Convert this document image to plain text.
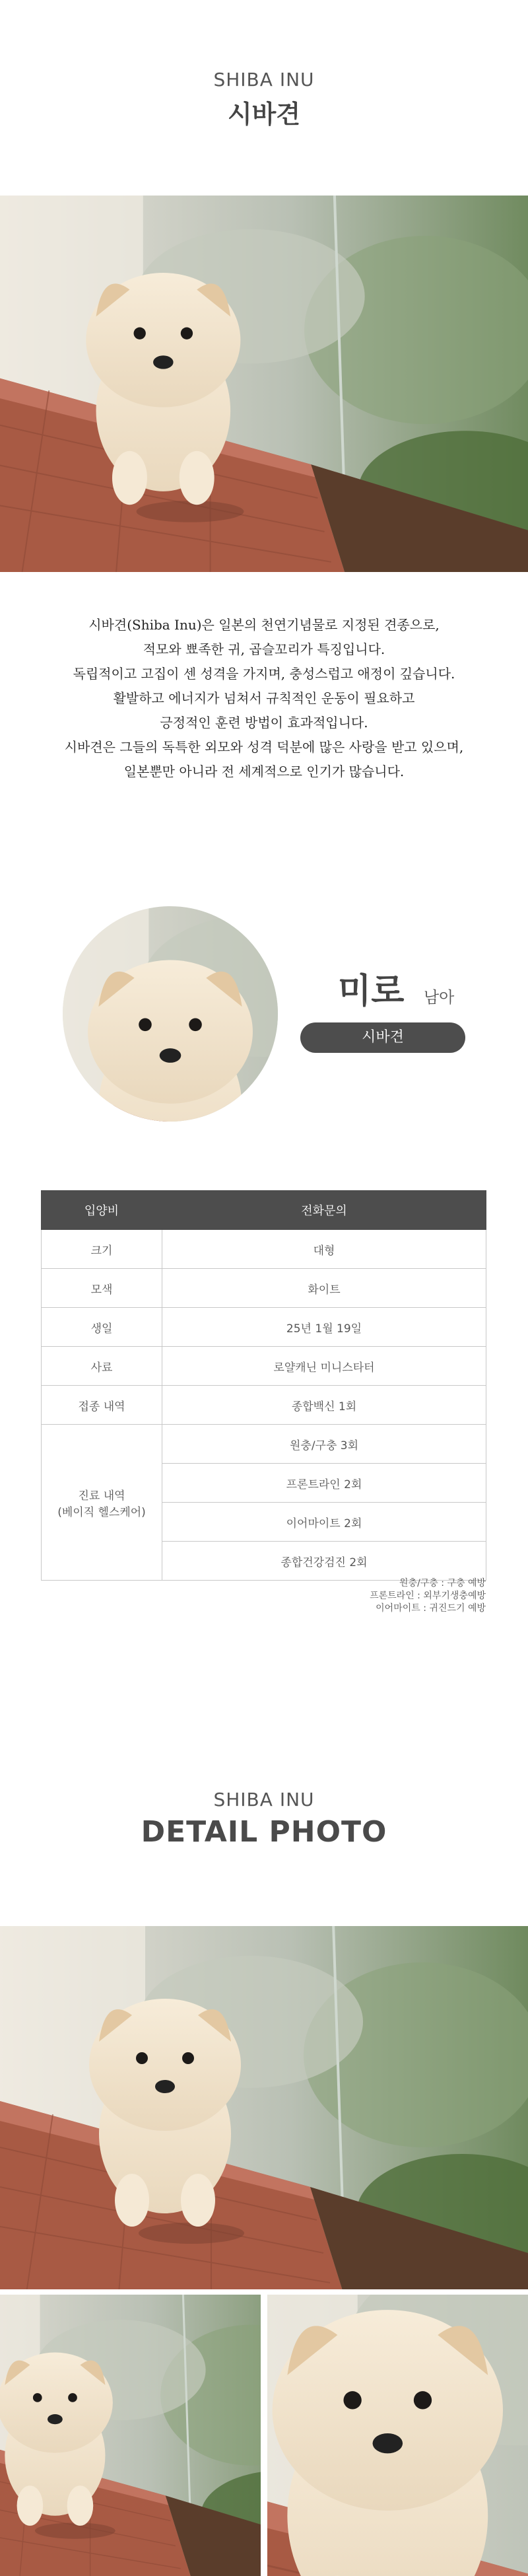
SHIBA INU
시바견
시바견(Shiba Inu)은 일본의 천연기념물로 지정된 견종으로,
적모와 뾰족한 귀, 곱슬꼬리가 특징입니다.
독립적이고 고집이 센 성격을 가지며, 충성스럽고 애정이 깊습니다.
활발하고 에너지가 넘쳐서 규칙적인 운동이 필요하고
긍정적인 훈련 방법이 효과적입니다.
시바견은 그들의 독특한 외모와 성격 덕분에 많은 사랑을 받고 있으며,
일본뿐만 아니라 전 세계적으로 인기가 많습니다.
미로 남아
시바견
입양비	전화문의
크기	대형
모색	화이트
생일	25년 1월 19일
사료	로얄캐닌 미니스타터
접종 내역	종합백신 1회

진료 내역
(베이직 헬스케어)	원충/구충 3회
	프론트라인 2회
	이어마이트 2회
	종합건강검진 2회
원충/구충 : 구충 예방
프론트라인 : 외부기생충예방
이어마이트 : 귀진드기 예방
SHIBA INU
DETAIL PHOTO
